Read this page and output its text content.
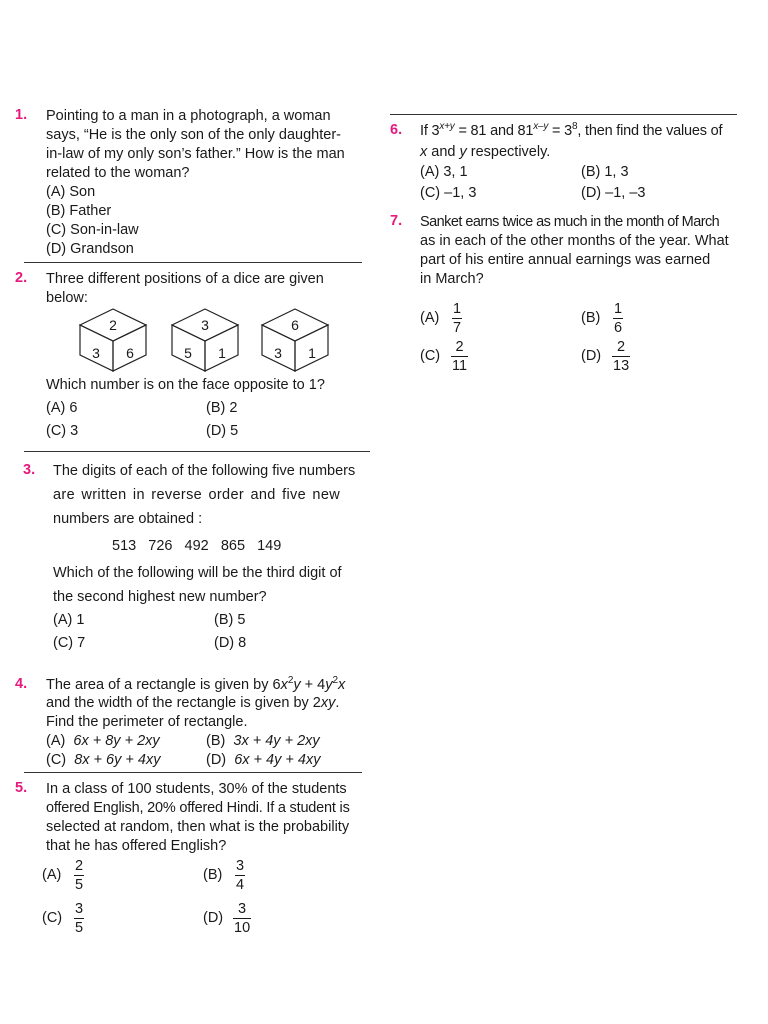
1. Pointing to a man in a photograph, a woman
says, “He is the only son of the only daughter-
in-law of my only son’s father.” How is the man
related to the woman?
(A) Son
(B) Father
(C) Son-in-law
(D) Grandson
2. Three different positions of a dice are given
below:
2
3 6
3
5 1
6
3 1
Which number is on the face opposite to 1?
(A) 6	(B) 2
(C) 3	(D) 5
3. The digits of each of the following five numbers
are written in reverse order and five new
numbers are obtained :
513   726   492   865   149
Which of the following will be the third digit of
the second highest new number?
(A) 1	(B) 5
(C) 7	(D) 8
4. The area of a rectangle is given by $6x^2y + 4y^2x$
and the width of the rectangle is given by 2xy.
Find the perimeter of rectangle.
(A) 6x + 8y + 2xy	(B) 3x + 4y + 2xy
(C) 8x + 6y + 4xy	(D) 6x + 4y + 4xy
5. In a class of 100 students, 30% of the students
offered English, 20% offered Hindi. If a student is
selected at random, then what is the probability
that he has offered English?
(A)
2
5
(B)
3
4
(C)
3
5
(D)
3
10
6. If $3^{x+y} = 81$ and $81^{x-y} = 3^8$, then find the values of
x and y respectively.
(A) 3, 1	(B) 1, 3
(C) –1, 3	(D) –1, –3
7. Sanket earns twice as much in the month of March
as in each of the other months of the year. What
part of his entire annual earnings was earned
in March?
(A)
1
7
(B)
1
6
(C)
2
11
(D)
2
13
